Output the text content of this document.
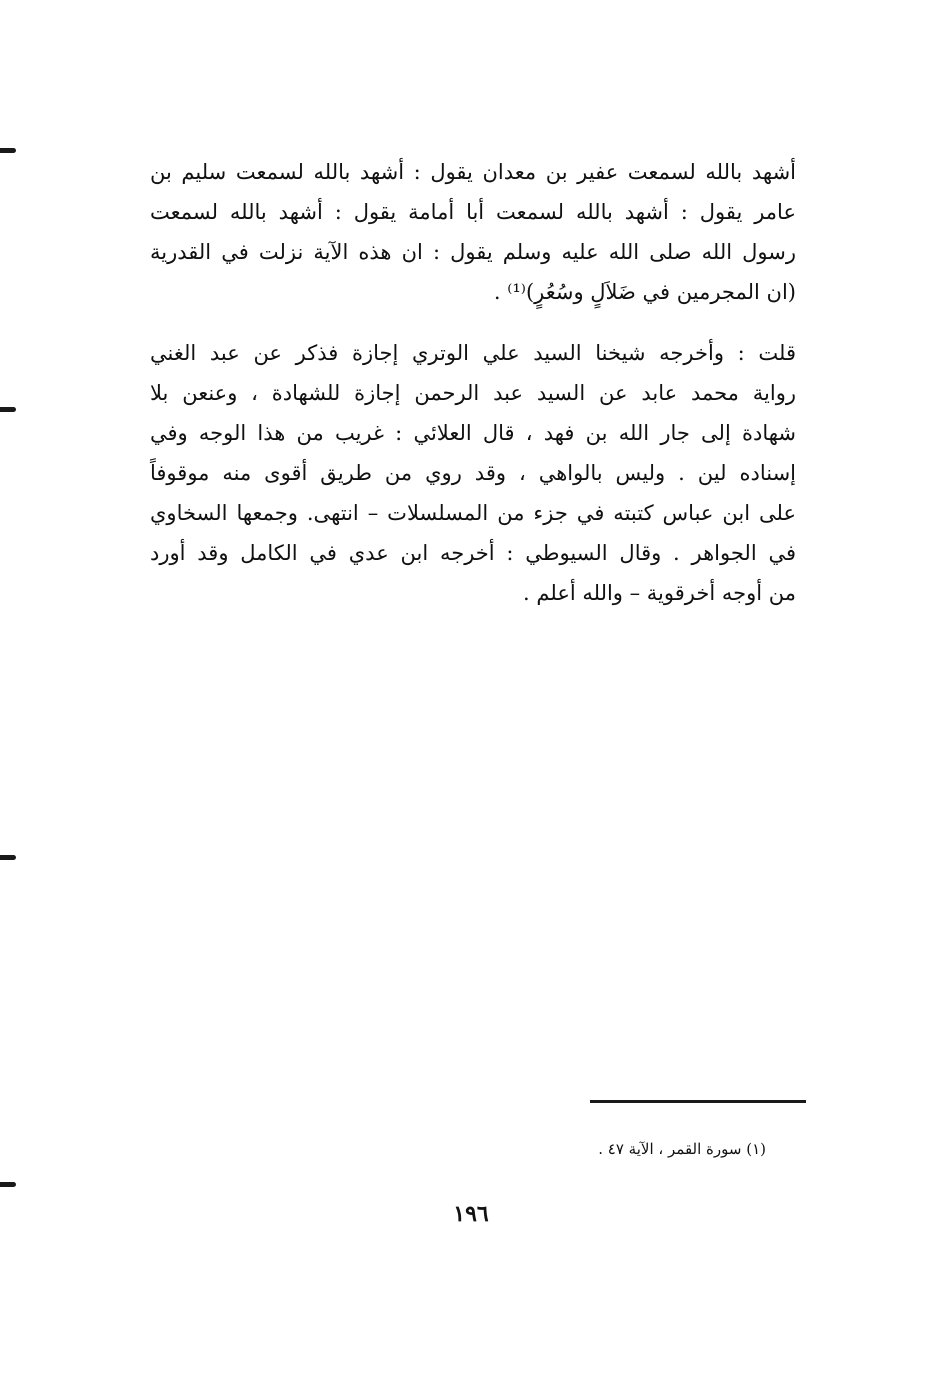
أشهد بالله لسمعت عفير بن معدان يقول : أشهد بالله لسمعت سليم بن
عامر يقول : أشهد بالله لسمعت أبا أمامة يقول : أشهد بالله لسمعت
رسول الله صلى الله عليه وسلم يقول : ان هذه الآية نزلت في القدرية
(ان المجرمين في ضَلاَلٍ وسُعُرٍ)⁽¹⁾ .
قلت : وأخرجه شيخنا السيد علي الوتري إجازة فذكر عن عبد الغني
رواية محمد عابد عن السيد عبد الرحمن إجازة للشهادة ، وعنعن بلا
شهادة إلى جار الله بن فهد ، قال العلائي : غريب من هذا الوجه وفي
إسناده لين . وليس بالواهي ، وقد روي من طريق أقوى منه موقوفاً
على ابن عباس كتبته في جزء من المسلسلات – انتهى. وجمعها السخاوي
في الجواهر . وقال السيوطي : أخرجه ابن عدي في الكامل وقد أورد
من أوجه أخرقوية – والله أعلم .
(١) سورة القمر ، الآية ٤٧ .
١٩٦
